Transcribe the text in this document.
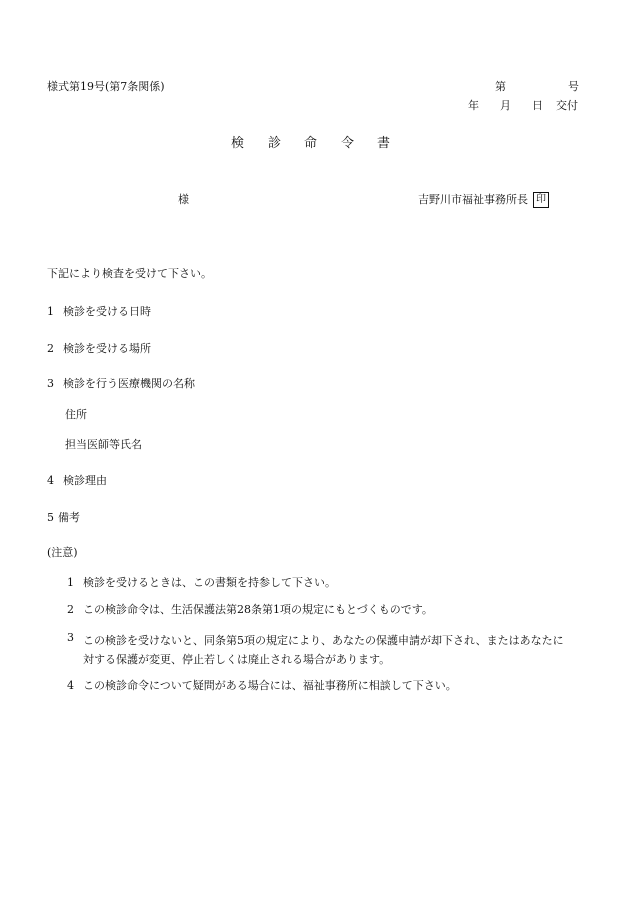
様式第19号(第7条関係)	第	号
年 月 日 交付
検 診 命 令 書
様	吉野川市福祉事務所長 印
下記により検査を受けて下さい。
1 検診を受ける日時
2 検診を受ける場所
3 検診を行う医療機関の名称
住所
担当医師等氏名
4 検診理由
5 備考
(注意)
1 検診を受けるときは、この書類を持参して下さい。
2 この検診命令は、生活保護法第28条第1項の規定にもとづくものです。
3 この検診を受けないと、同条第5項の規定により、あなたの保護申請が却下され、またはあなたに対する保護が変更、停止若しくは廃止される場合があります。
4 この検診命令について疑問がある場合には、福祉事務所に相談して下さい。
